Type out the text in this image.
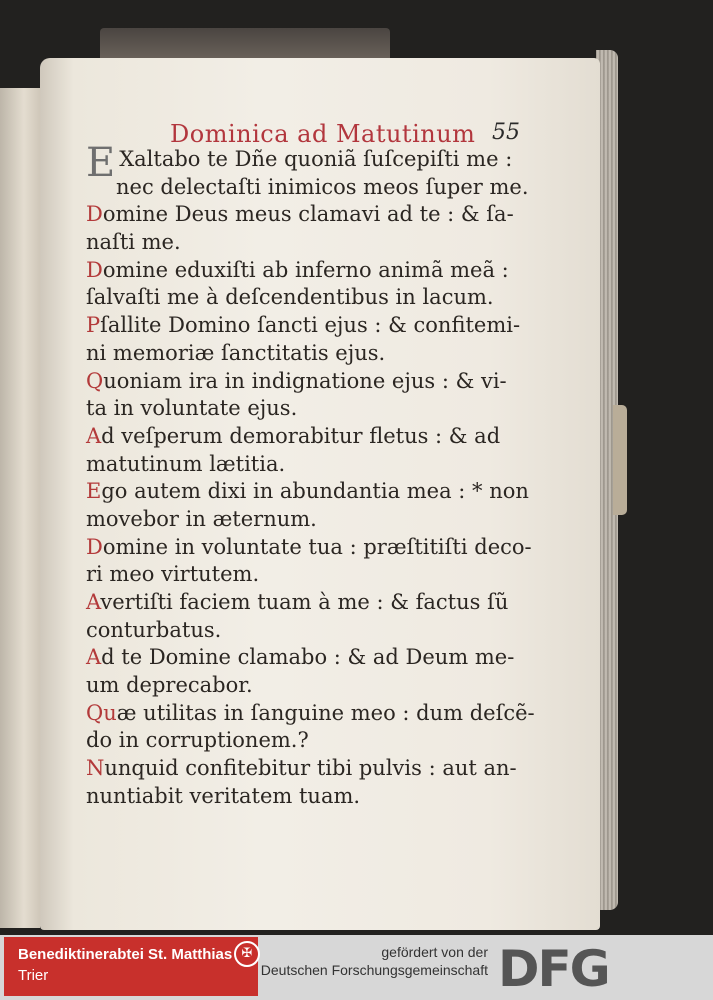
Dominica ad Matutinum 55
E Xaltabo te Dñe quoniã ſuſcepiſti me :
nec delectaſti inimicos meos ſuper me.
Domine Deus meus clamavi ad te : & ſa-
naſti me.
Domine eduxiſti ab inferno animã meã :
ſalvaſti me à deſcendentibus in lacum.
Pſallite Domino ſancti ejus : & confitemi-
ni memoriæ ſanctitatis ejus.
Quoniam ira in indignatione ejus : & vi-
ta in voluntate ejus.
Ad veſperum demorabitur fletus : & ad
matutinum lætitia.
Ego autem dixi in abundantia mea : * non
movebor in æternum.
Domine in voluntate tua : præſtitiſti deco-
ri meo virtutem.
Avertiſti faciem tuam à me : & factus ſũ
conturbatus.
Ad te Domine clamabo : & ad Deum me-
um deprecabor.
Quæ utilitas in ſanguine meo : dum deſcẽ-
do in corruptionem.?
Nunquid confitebitur tibi pulvis : aut an-
nuntiabit veritatem tuam.
Benediktinerabtei St. Matthias
Trier
✠	gefördert von der
Deutschen Forschungsgemeinschaft DFG
